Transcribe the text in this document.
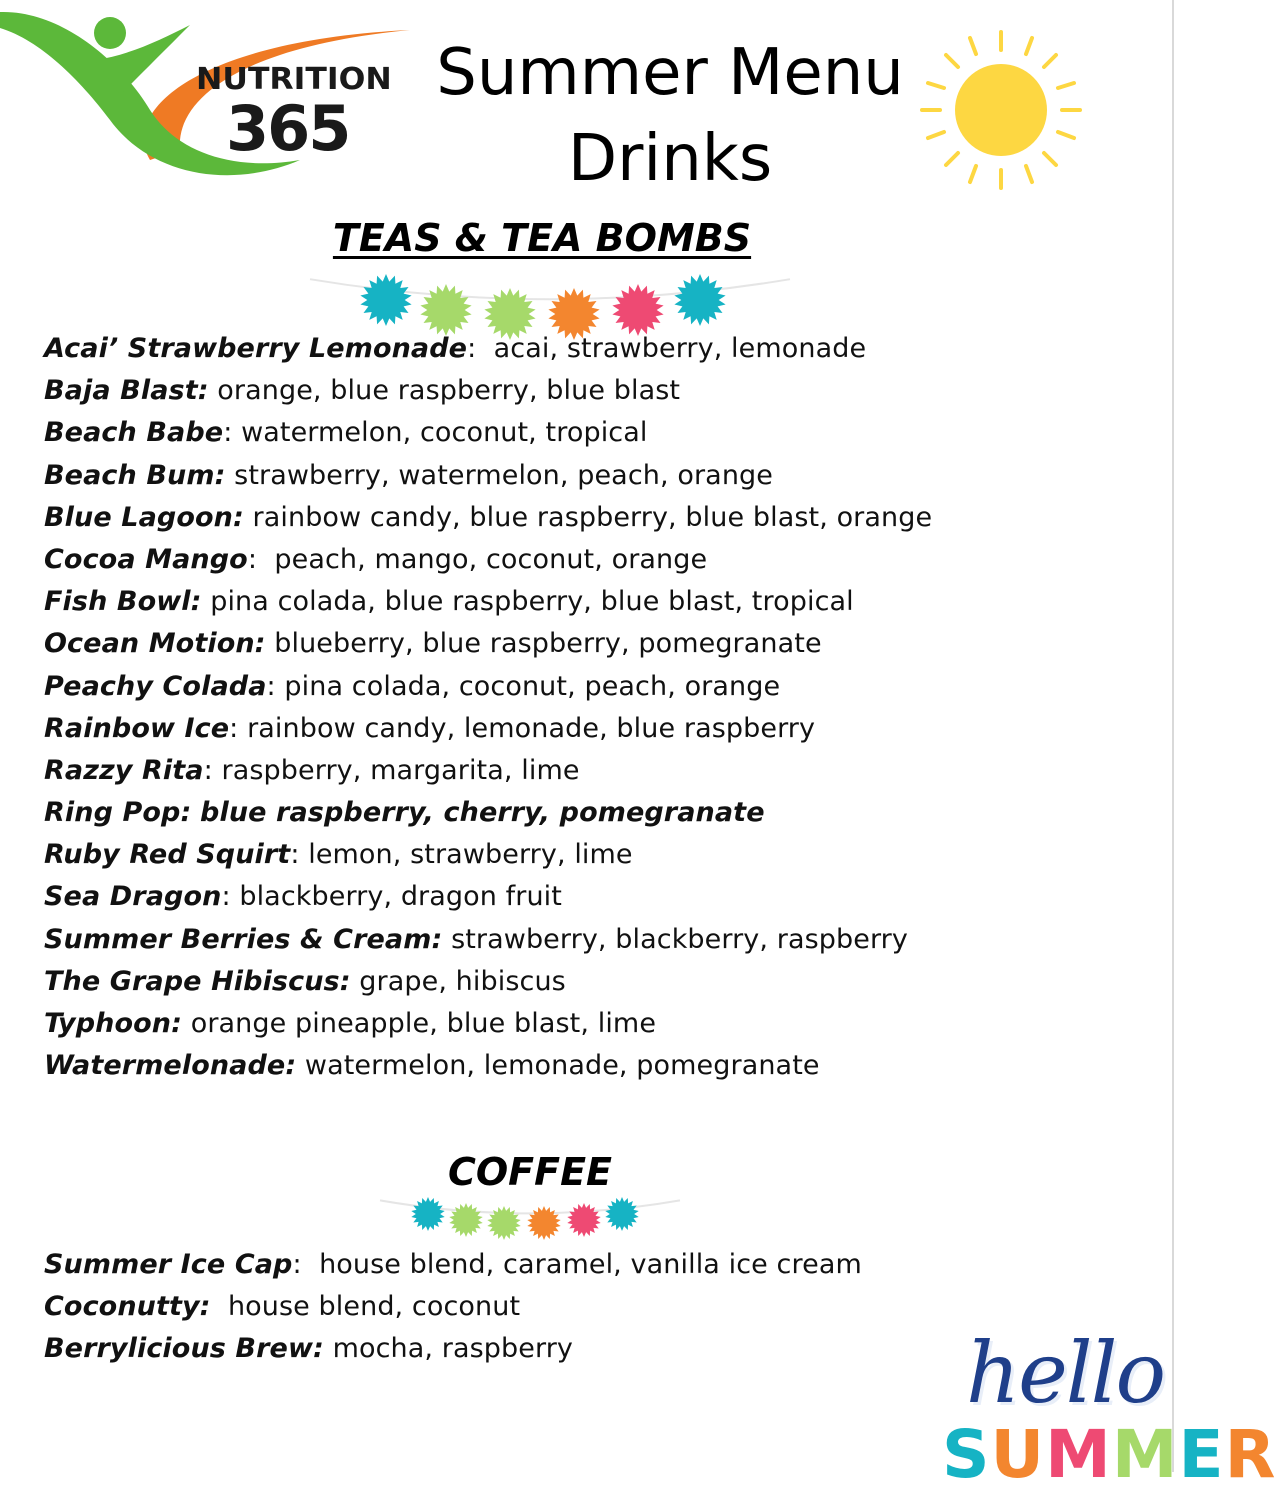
NUTRITION
365
Summer Menu
Drinks
TEAS & TEA BOMBS
Acai’ Strawberry Lemonade:  acai, strawberry, lemonade
Baja Blast: orange, blue raspberry, blue blast
Beach Babe: watermelon, coconut, tropical
Beach Bum: strawberry, watermelon, peach, orange
Blue Lagoon: rainbow candy, blue raspberry, blue blast, orange
Cocoa Mango:  peach, mango, coconut, orange
Fish Bowl: pina colada, blue raspberry, blue blast, tropical
Ocean Motion: blueberry, blue raspberry, pomegranate
Peachy Colada: pina colada, coconut, peach, orange
Rainbow Ice: rainbow candy, lemonade, blue raspberry
Razzy Rita: raspberry, margarita, lime
Ring Pop: blue raspberry, cherry, pomegranate
Ruby Red Squirt: lemon, strawberry, lime
Sea Dragon: blackberry, dragon fruit
Summer Berries & Cream: strawberry, blackberry, raspberry
The Grape Hibiscus: grape, hibiscus
Typhoon: orange pineapple, blue blast, lime
Watermelonade: watermelon, lemonade, pomegranate
COFFEE
Summer Ice Cap:  house blend, caramel, vanilla ice cream
Coconutty: house blend, coconut
Berrylicious Brew: mocha, raspberry	hello
SUMMER
